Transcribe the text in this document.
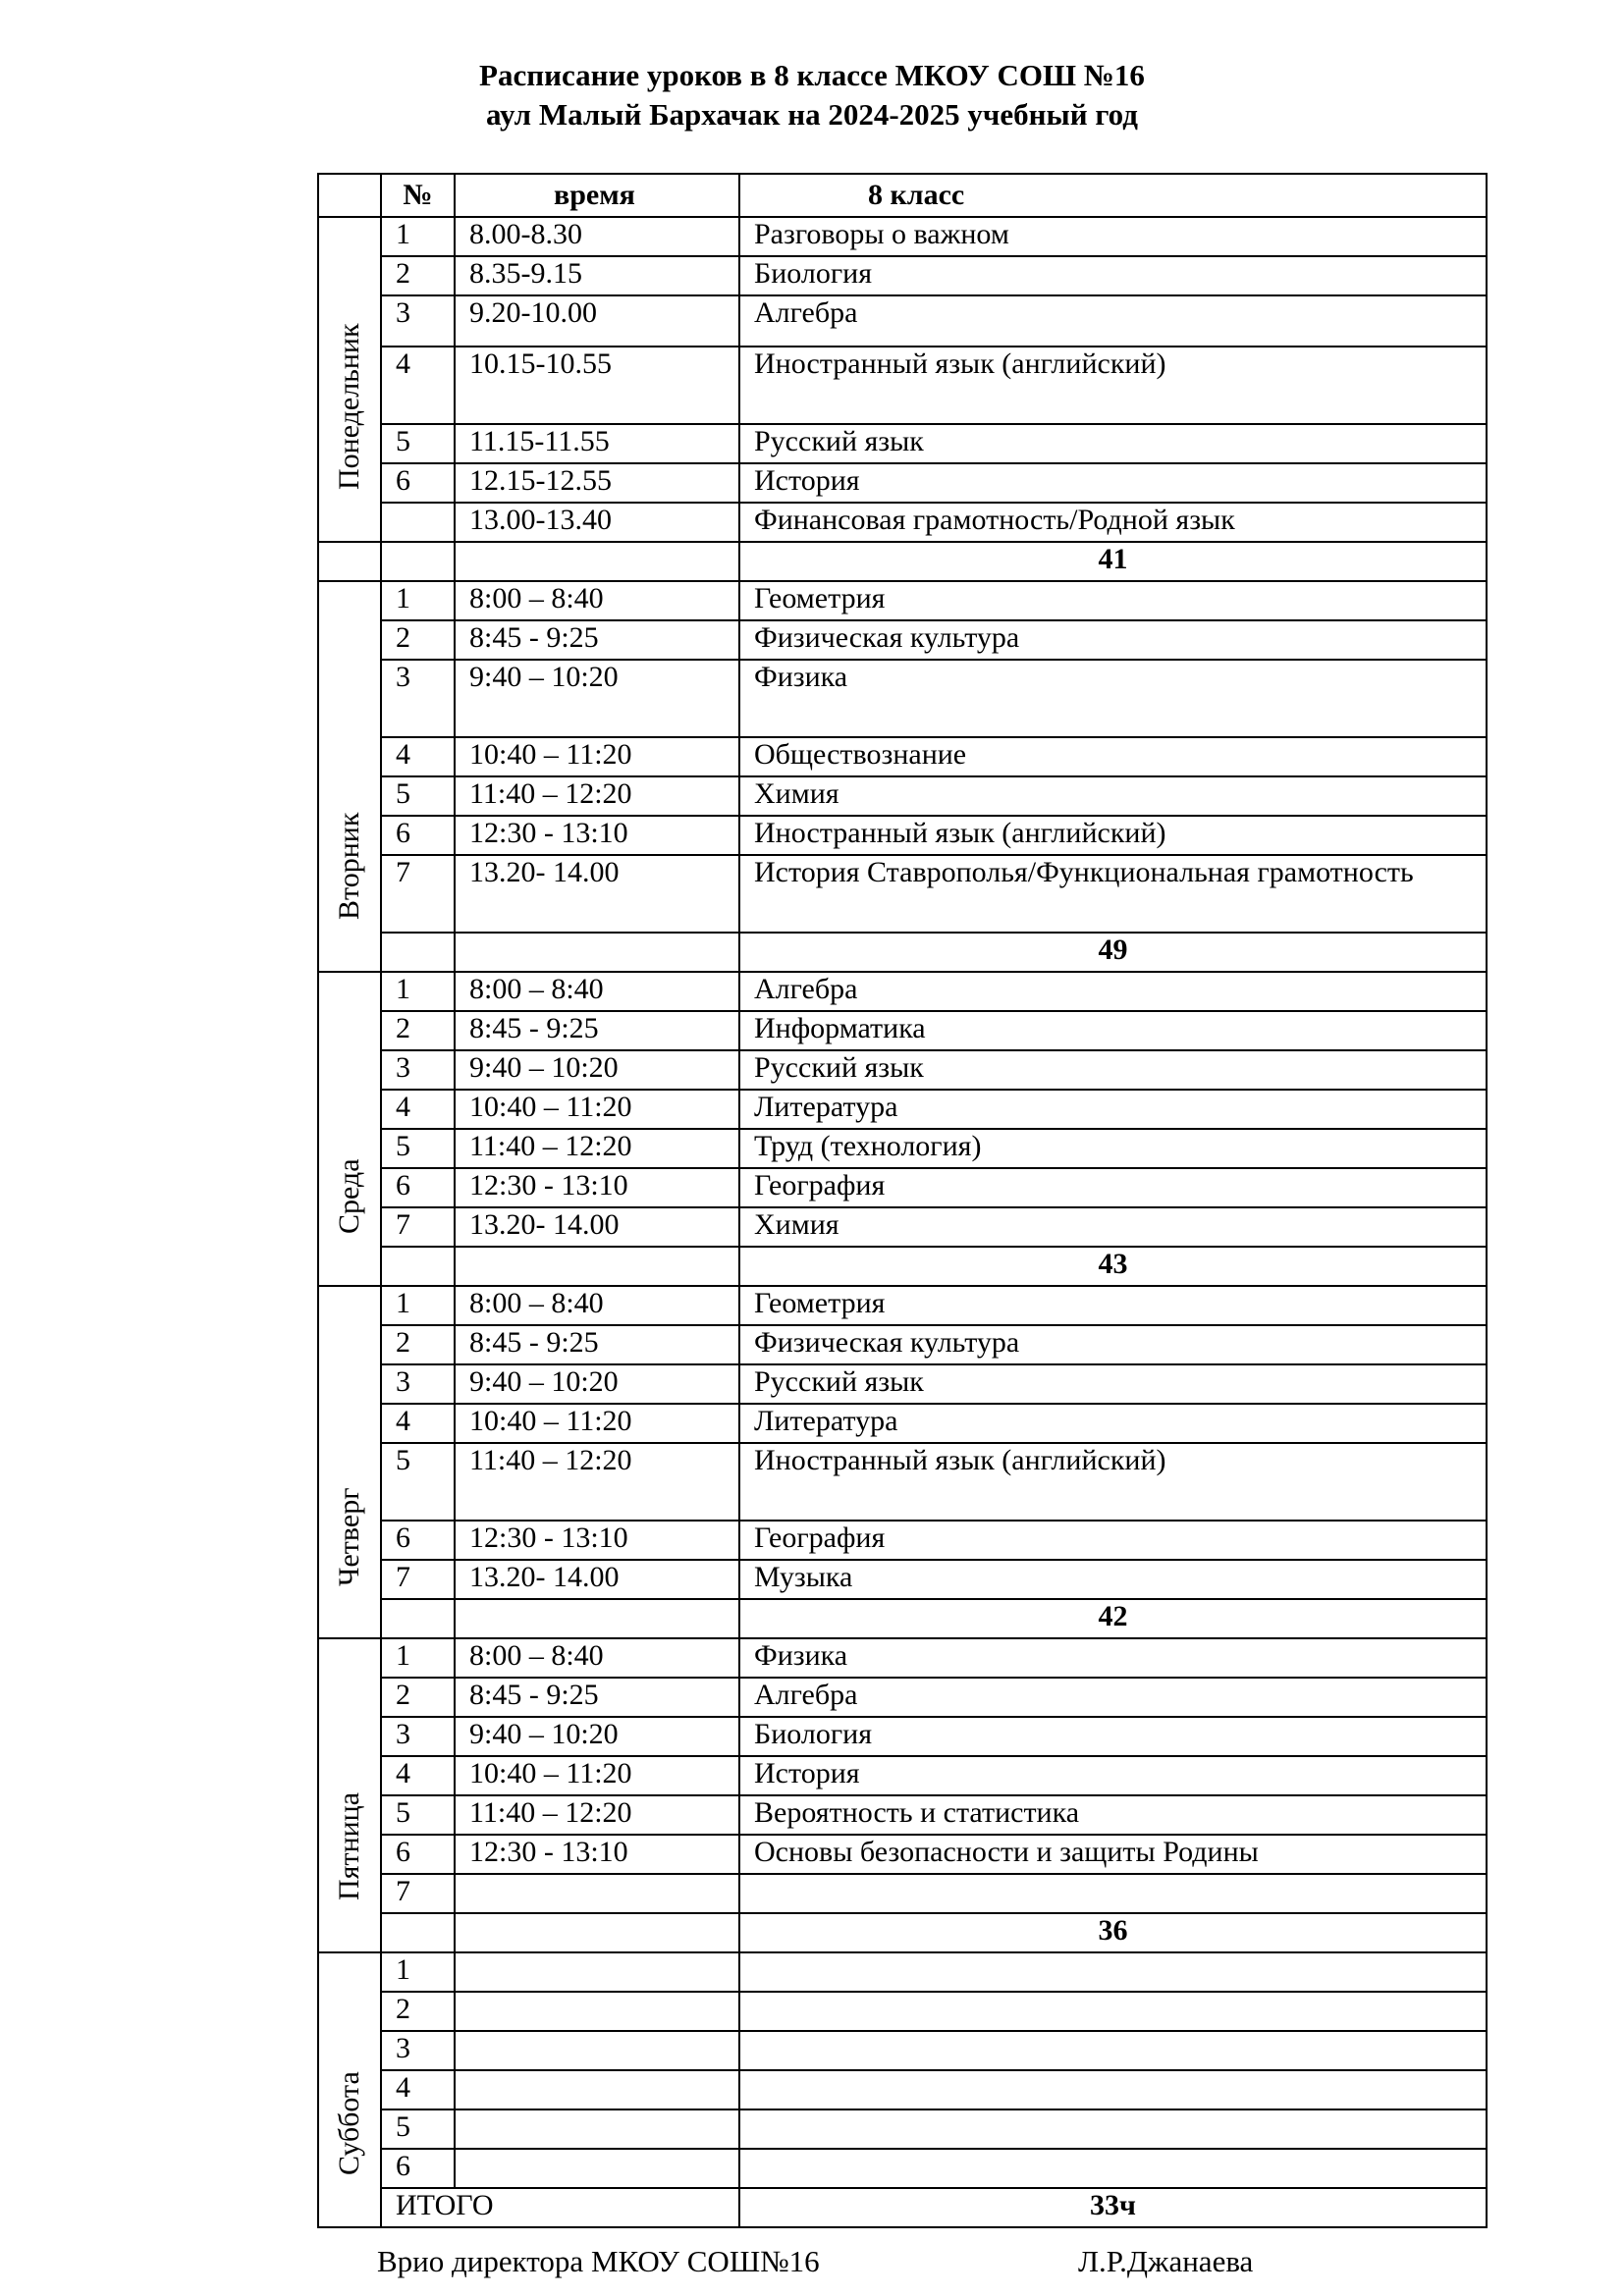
Расписание уроков в 8 классе МКОУ СОШ №16
аул Малый Бархачак на 2024-2025 учебный год
	№	время	8 класс

Понедельник	1	8.00-8.30	Разговоры о важном
	2	8.35-9.15	Биология
	3	9.20-10.00	Алгебра
	4	10.15-10.55	Иностранный язык (английский)
	5	11.15-11.55	Русский язык
	6	12.15-12.55	История
		13.00-13.40	Финансовая грамотность/Родной язык
			41

Вторник	1	8:00 – 8:40	Геометрия
	2	8:45 - 9:25	Физическая культура
	3	9:40 – 10:20	Физика
	4	10:40 – 11:20	Обществознание
	5	11:40 – 12:20	Химия
	6	12:30 - 13:10	Иностранный язык (английский)
	7	13.20- 14.00	История Ставрополья/Функциональная грамотность
			49

Среда	1	8:00 – 8:40	Алгебра
	2	8:45 - 9:25	Информатика
	3	9:40 – 10:20	Русский язык
	4	10:40 – 11:20	Литература
	5	11:40 – 12:20	Труд (технология)
	6	12:30 - 13:10	География
	7	13.20- 14.00	Химия
			43

Четверг	1	8:00 – 8:40	Геометрия
	2	8:45 - 9:25	Физическая культура
	3	9:40 – 10:20	Русский язык
	4	10:40 – 11:20	Литература
	5	11:40 – 12:20	Иностранный язык (английский)
	6	12:30 - 13:10	География
	7	13.20- 14.00	Музыка
			42

Пятница	1	8:00 – 8:40	Физика
	2	8:45 - 9:25	Алгебра
	3	9:40 – 10:20	Биология
	4	10:40 – 11:20	История
	5	11:40 – 12:20	Вероятность и статистика
	6	12:30 - 13:10	Основы безопасности и защиты Родины
	7		
			36

Суббота	1		
	2		
	3		
	4		
	5		
	6		
	ИТОГО		33ч
Врио директора МКОУ СОШ№16	Л.Р.Джанаева
